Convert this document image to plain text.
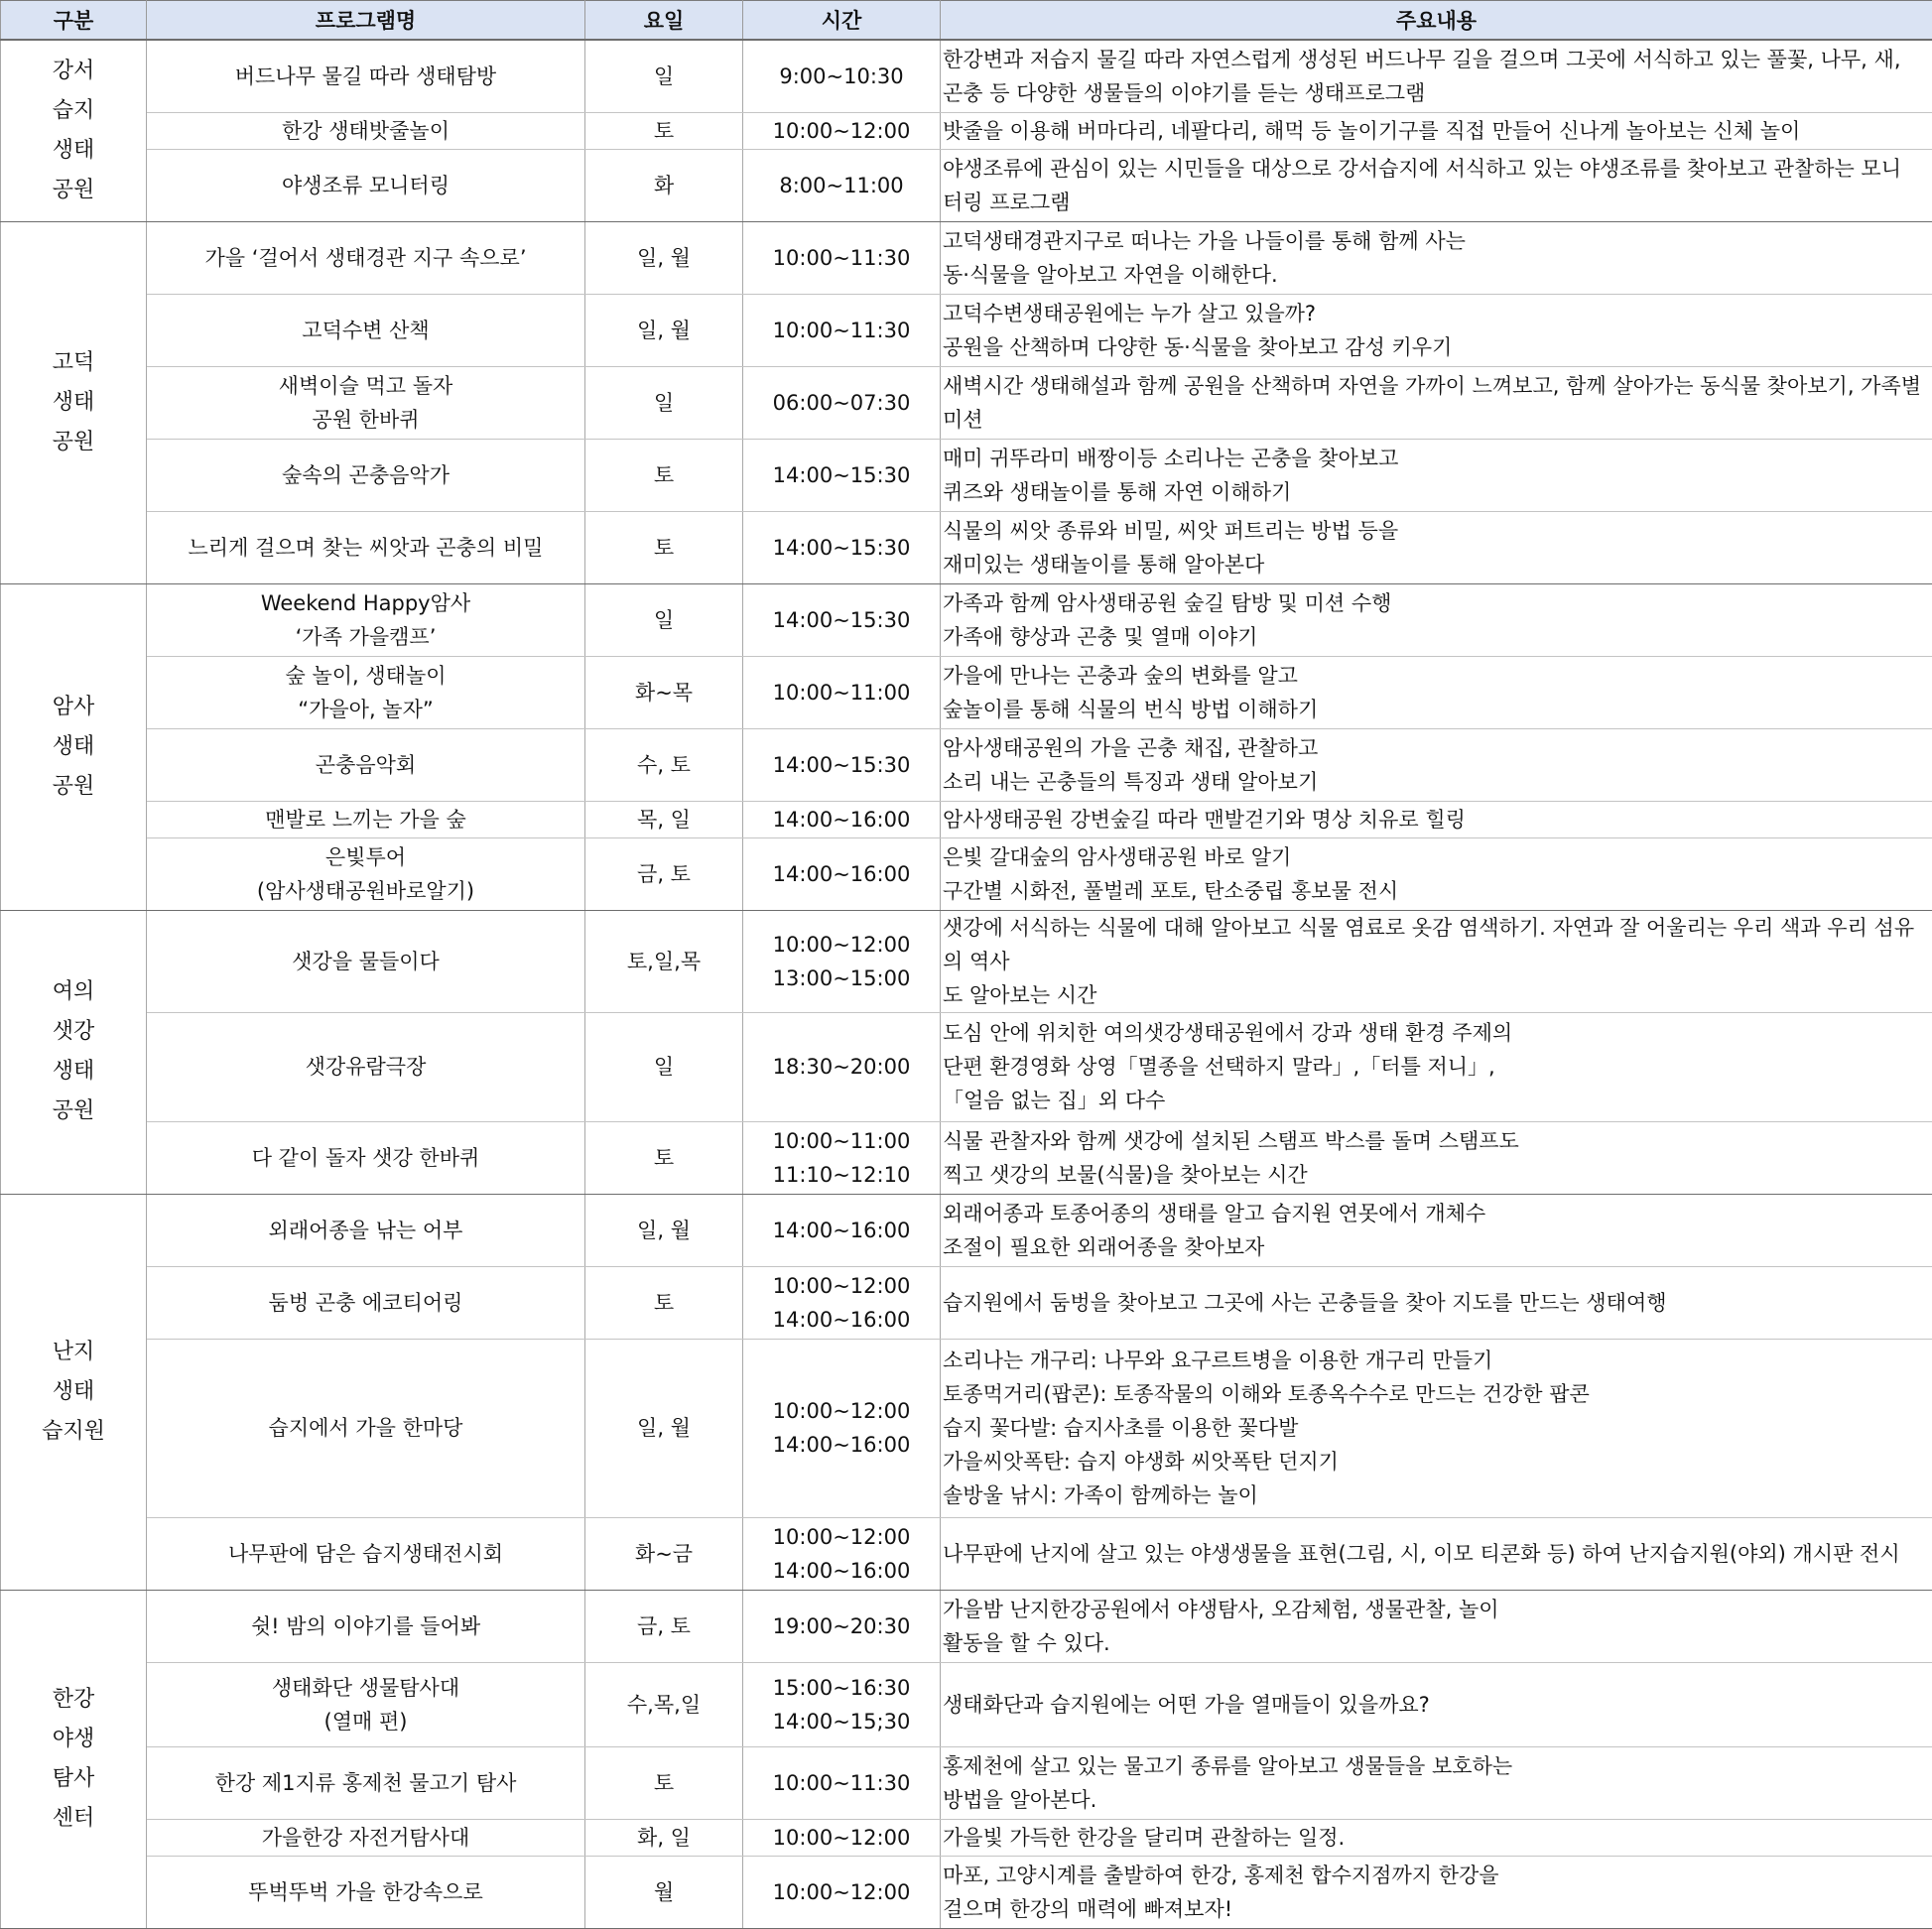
구분	프로그램명	요일	시간	주요내용
강서
습지
생태
공원	버드나무 물길 따라 생태탐방	일	9:00~10:30	한강변과 저습지 물길 따라 자연스럽게 생성된 버드나무 길을 걸으며 그곳에 서식하고 있는 풀꽃, 나무, 새,
곤충 등 다양한 생물들의 이야기를 듣는 생태프로그램
	한강 생태밧줄놀이	토	10:00~12:00	밧줄을 이용해 버마다리, 네팔다리, 해먹 등 놀이기구를 직접 만들어 신나게 놀아보는 신체 놀이
	야생조류 모니터링	화	8:00~11:00	야생조류에 관심이 있는 시민들을 대상으로 강서습지에 서식하고 있는 야생조류를 찾아보고 관찰하는 모니
터링 프로그램
고덕
생태
공원	가을 ‘걸어서 생태경관 지구 속으로’	일, 월	10:00~11:30	고덕생태경관지구로 떠나는 가을 나들이를 통해 함께 사는
동·식물을 알아보고 자연을 이해한다.
	고덕수변 산책	일, 월	10:00~11:30	고덕수변생태공원에는 누가 살고 있을까?
공원을 산책하며 다양한 동·식물을 찾아보고 감성 키우기
	새벽이슬 먹고 돌자
공원 한바퀴	일	06:00~07:30	새벽시간 생태해설과 함께 공원을 산책하며 자연을 가까이 느껴보고, 함께 살아가는 동식물 찾아보기, 가족별 미션
	숲속의 곤충음악가	토	14:00~15:30	매미 귀뚜라미 배짱이등 소리나는 곤충을 찾아보고
퀴즈와 생태놀이를 통해 자연 이해하기
	느리게 걸으며 찾는 씨앗과 곤충의 비밀	토	14:00~15:30	식물의 씨앗 종류와 비밀, 씨앗 퍼트리는 방법 등을
재미있는 생태놀이를 통해 알아본다
암사
생태
공원	Weekend Happy암사
‘가족 가을캠프’	일	14:00~15:30	가족과 함께 암사생태공원 숲길 탐방 및 미션 수행
가족애 향상과 곤충 및 열매 이야기
	숲 놀이, 생태놀이
“가을아, 놀자”	화~목	10:00~11:00	가을에 만나는 곤충과 숲의 변화를 알고
숲놀이를 통해 식물의 번식 방법 이해하기
	곤충음악회	수, 토	14:00~15:30	암사생태공원의 가을 곤충 채집, 관찰하고
소리 내는 곤충들의 특징과 생태 알아보기
	맨발로 느끼는 가을 숲	목, 일	14:00~16:00	암사생태공원 강변숲길 따라 맨발걷기와 명상 치유로 힐링
	은빛투어
(암사생태공원바로알기)	금, 토	14:00~16:00	은빛 갈대숲의 암사생태공원 바로 알기
구간별 시화전, 풀벌레 포토, 탄소중립 홍보물 전시
여의
샛강
생태
공원	샛강을 물들이다	토,일,목	10:00~12:00
13:00~15:00	샛강에 서식하는 식물에 대해 알아보고 식물 염료로 옷감 염색하기. 자연과 잘 어울리는 우리 색과 우리 섬유의 역사
도 알아보는 시간
	샛강유람극장	일	18:30~20:00	도심 안에 위치한 여의샛강생태공원에서 강과 생태 환경 주제의
단편 환경영화 상영「멸종을 선택하지 말라」,「터틀 저니」,
「얼음 없는 집」외 다수
	다 같이 돌자 샛강 한바퀴	토	10:00~11:00
11:10~12:10	식물 관찰자와 함께 샛강에 설치된 스탬프 박스를 돌며 스탬프도
찍고 샛강의 보물(식물)을 찾아보는 시간
난지
생태
습지원	외래어종을 낚는 어부	일, 월	14:00~16:00	외래어종과 토종어종의 생태를 알고 습지원 연못에서 개체수
조절이 필요한 외래어종을 찾아보자
	둠벙 곤충 에코티어링	토	10:00~12:00
14:00~16:00	습지원에서 둠벙을 찾아보고 그곳에 사는 곤충들을 찾아 지도를 만드는 생태여행
	습지에서 가을 한마당	일, 월	10:00~12:00
14:00~16:00	소리나는 개구리: 나무와 요구르트병을 이용한 개구리 만들기
토종먹거리(팝콘): 토종작물의 이해와 토종옥수수로 만드는 건강한 팝콘
습지 꽃다발: 습지사초를 이용한 꽃다발
가을씨앗폭탄: 습지 야생화 씨앗폭탄 던지기
솔방울 낚시: 가족이 함께하는 놀이
	나무판에 담은 습지생태전시회	화~금	10:00~12:00
14:00~16:00	나무판에 난지에 살고 있는 야생생물을 표현(그림, 시, 이모 티콘화 등) 하여 난지습지원(야외) 개시판 전시
한강
야생
탐사
센터	쉿! 밤의 이야기를 들어봐	금, 토	19:00~20:30	가을밤 난지한강공원에서 야생탐사, 오감체험, 생물관찰, 놀이
활동을 할 수 있다.
	생태화단 생물탐사대
(열매 편)	수,목,일	15:00~16:30
14:00~15;30	생태화단과 습지원에는 어떤 가을 열매들이 있을까요?
	한강 제1지류 홍제천 물고기 탐사	토	10:00~11:30	홍제천에 살고 있는 물고기 종류를 알아보고 생물들을 보호하는
방법을 알아본다.
	가을한강 자전거탐사대	화, 일	10:00~12:00	가을빛 가득한 한강을 달리며 관찰하는 일정.
	뚜벅뚜벅 가을 한강속으로	월	10:00~12:00	마포, 고양시계를 출발하여 한강, 홍제천 합수지점까지 한강을
걸으며 한강의 매력에 빠져보자!
